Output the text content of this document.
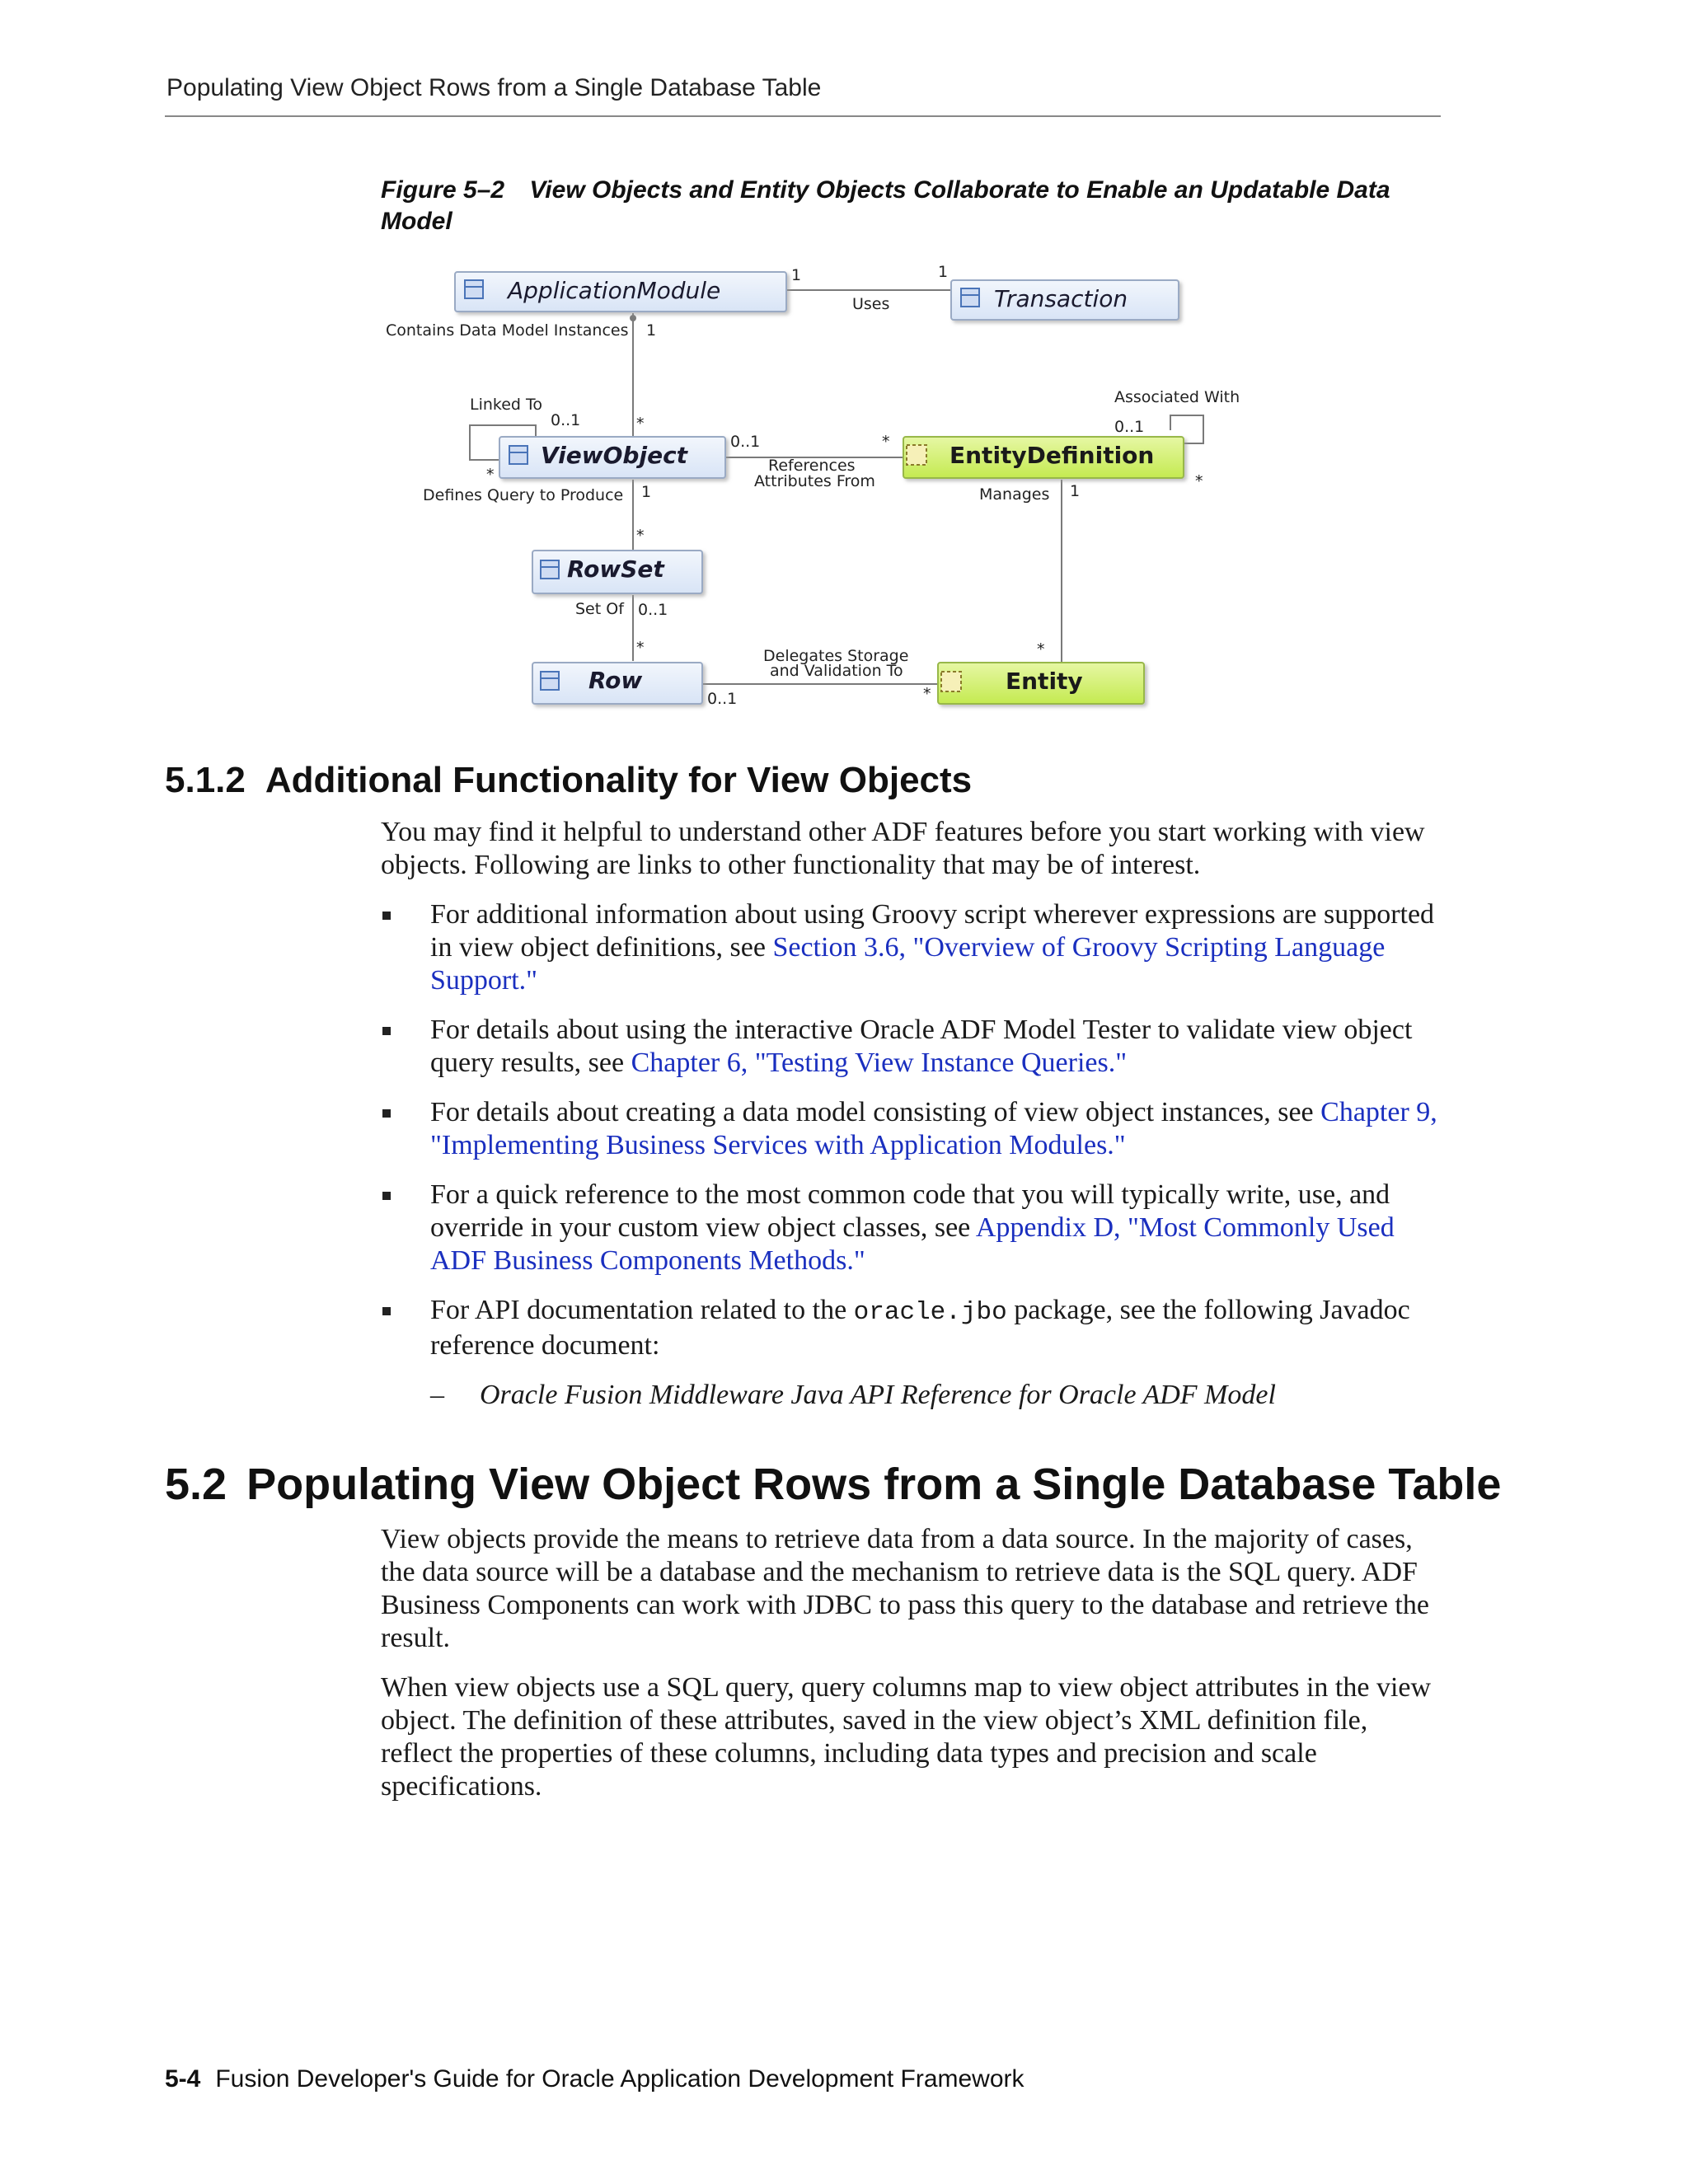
Populating View Object Rows from a Single Database Table
Figure 5–2 View Objects and Entity Objects Collaborate to Enable an Updatable Data Model
ApplicationModule	Transaction
ViewObject	EntityDefinition
RowSet
Row	Entity
Uses
Contains Data Model Instances
Linked To
References
Attributes From
Associated With
Defines Query to Produce	Manages
Set Of
Delegates Storage
and Validation To
1	1
1
*
0..1
*
0..1	*
0..1
*
1
*
1
0..1
*	*
0..1	*
5.1.2 Additional Functionality for View Objects

You may find it helpful to understand other ADF features before you start working with view objects. Following are links to other functionality that may be of interest.

For additional information about using Groovy script wherever expressions are supported in view object definitions, see Section 3.6, "Overview of Groovy Scripting Language Support."
For details about using the interactive Oracle ADF Model Tester to validate view object query results, see Chapter 6, "Testing View Instance Queries."
For details about creating a data model consisting of view object instances, see Chapter 9, "Implementing Business Services with Application Modules."
For a quick reference to the most common code that you will typically write, use, and override in your custom view object classes, see Appendix D, "Most Commonly Used ADF Business Components Methods."
For API documentation related to the oracle.jbo package, see the following Javadoc reference document:
– Oracle Fusion Middleware Java API Reference for Oracle ADF Model
5.2 Populating View Object Rows from a Single Database Table

View objects provide the means to retrieve data from a data source. In the majority of cases, the data source will be a database and the mechanism to retrieve data is the SQL query. ADF Business Components can work with JDBC to pass this query to the database and retrieve the result.

When view objects use a SQL query, query columns map to view object attributes in the view object. The definition of these attributes, saved in the view object’s XML definition file, reflect the properties of these columns, including data types and precision and scale specifications.

5-4 Fusion Developer's Guide for Oracle Application Development Framework
